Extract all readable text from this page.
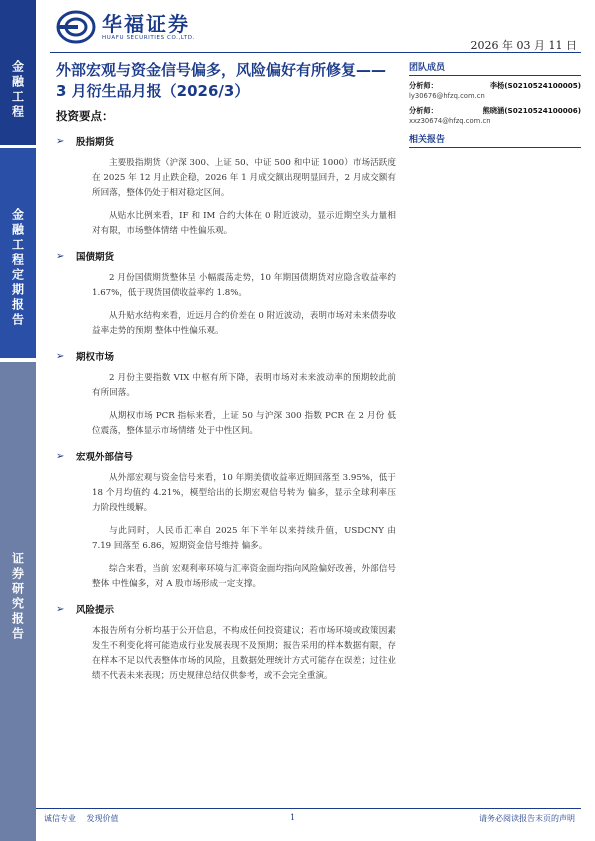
金融工程
金融工程定期报告
证券研究报告
华福证券
HUAFU SECURITIES CO.,LTD.
2026 年 03 月 11 日
外部宏观与资金信号偏多，风险偏好有所修复——3 月衍生品月报（2026/3）
投资要点：
➢	股指期货

主要股指期货（沪深 300、上证 50、中证 500 和中证 1000）市场活跃度在 2025 年 12 月止跌企稳，2026 年 1 月成交额出现明显回升，2 月成交额有所回落，整体仍处于相对稳定区间。

从贴水比例来看，IF 和 IM 合约大体在 0 附近波动，显示近期空头力量相对有限，市场整体情绪 中性偏乐观。

➢	国债期货

2 月份国债期货整体呈 小幅震荡走势，10 年期国债期货对应隐含收益率约 1.67%，低于现货国债收益率约 1.8%。

从升贴水结构来看，近远月合约价差在 0 附近波动，表明市场对未来债券收益率走势的预期 整体中性偏乐观。

➢	期权市场

2 月份主要指数 VIX 中枢有所下降，表明市场对未来波动率的预期较此前有所回落。

从期权市场 PCR 指标来看，上证 50 与沪深 300 指数 PCR 在 2 月份 低位震荡，整体显示市场情绪 处于中性区间。

➢	宏观外部信号

从外部宏观与资金信号来看，10 年期美债收益率近期回落至 3.95%，低于 18 个月均值约 4.21%，模型给出的长期宏观信号转为 偏多，显示全球利率压力阶段性缓解。

与此同时，人民币汇率自 2025 年下半年以来持续升值，USDCNY 由 7.19 回落至 6.86，短期资金信号维持 偏多。

综合来看，当前 宏观利率环境与汇率资金面均指向风险偏好改善，外部信号整体 中性偏多，对 A 股市场形成一定支撑。

➢	风险提示

本报告所有分析均基于公开信息，不构成任何投资建议；若市场环境或政策因素发生不利变化将可能造成行业发展表现不及预期；报告采用的样本数据有限，存在样本不足以代表整体市场的风险，且数据处理统计方式可能存在误差；过往业绩不代表未来表现；历史规律总结仅供参考，或不会完全重演。

团队成员
分析师：	李杨(S0210524100005)
ly30676@hfzq.com.cn
分析师：	熊晓涵(S0210524100006)
xxz30674@hfzq.com.cn
相关报告
诚信专业 发现价值	1	请务必阅读报告末页的声明
